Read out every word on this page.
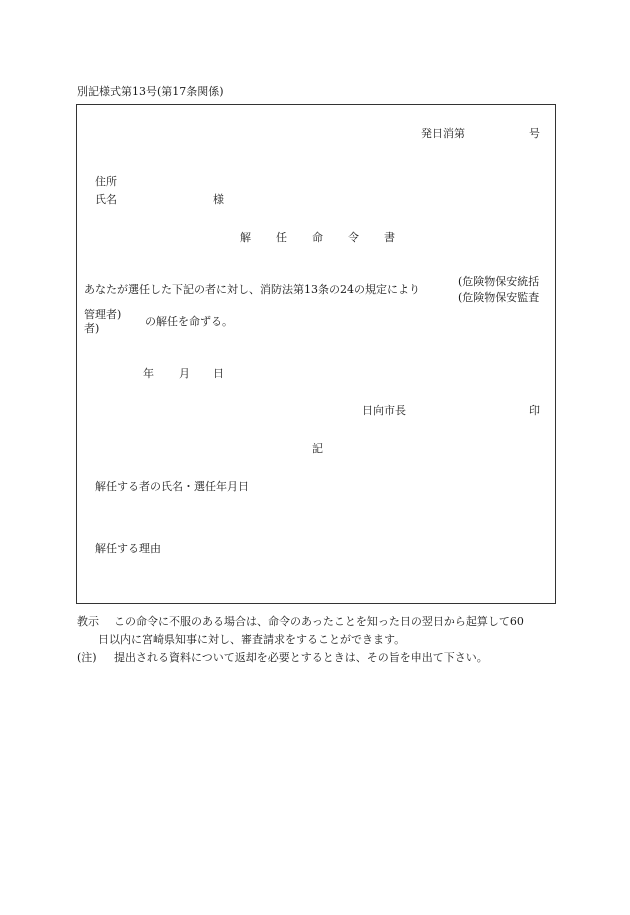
別記様式第13号(第17条関係)
発日消第	号
住所
氏名	様
解 任 命 令 書
あなたが選任した下記の者に対し、消防法第13条の24の規定により
(危険物保安統括
(危険物保安監査
管理者)
者)
の解任を命ずる。
年 月 日
日向市長	印
記
解任する者の氏名・選任年月日
解任する理由
教示 この命令に不服のある場合は、命令のあったことを知った日の翌日から起算して60
日以内に宮崎県知事に対し、審査請求をすることができます。
(注) 提出される資料について返却を必要とするときは、その旨を申出て下さい。
